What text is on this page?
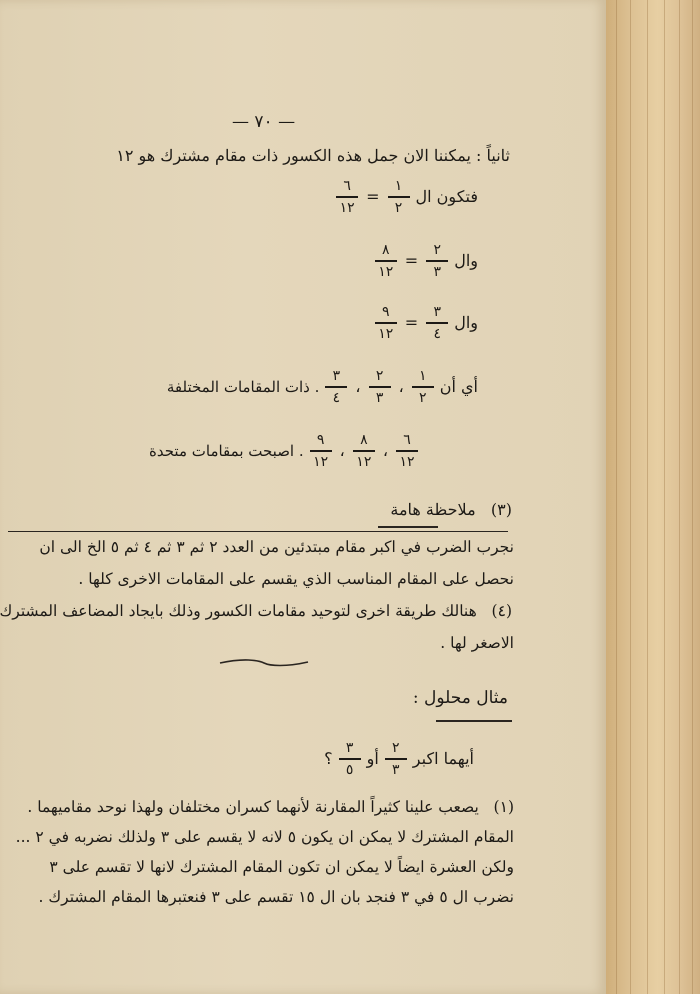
— ٧٠ —
ثانياً : يمكننا الان جمل هذه الكسور ذات مقام مشترك هو ١٢
فتكون ال
$\frac{١}{٢}$
=
$\frac{٦}{١٢}$
وال
$\frac{٢}{٣}$
=
$\frac{٨}{١٢}$
وال
$\frac{٣}{٤}$
=
$\frac{٩}{١٢}$
أي أن
$\frac{١}{٢}$
،
$\frac{٢}{٣}$
،
$\frac{٣}{٤}$
ذات المقامات المختلفة .
$\frac{٦}{١٢}$
،
$\frac{٨}{١٢}$
،
$\frac{٩}{١٢}$
اصبحت بمقامات متحدة .
(٣)   ملاحظة هامة
نجرب الضرب في اكبر مقام مبتدئين من العدد ٢ ثم ٣ ثم ٤ ثم ٥ الخ الى ان
نحصل على المقام المناسب الذي يقسم على المقامات الاخرى كلها .
(٤)   هنالك طريقة اخرى لتوحيد مقامات الكسور وذلك بايجاد المضاعف المشترك
الاصغر لها .
مثال محلول :
أيهما اكبر
$\frac{٢}{٣}$
أو
$\frac{٣}{٥}$
؟
(١)   يصعب علينا كثيراً المقارنة لأنهما كسران مختلفان ولهذا نوحد مقاميهما .
المقام المشترك لا يمكن ان يكون ٥ لانه لا يقسم على ٣ ولذلك نضربه في ٢ ...
ولكن العشرة ايضاً لا يمكن ان تكون المقام المشترك لانها لا تقسم على ٣
نضرب ال ٥ في ٣ فنجد بان ال ١٥ تقسم على ٣ فنعتبرها المقام المشترك .
